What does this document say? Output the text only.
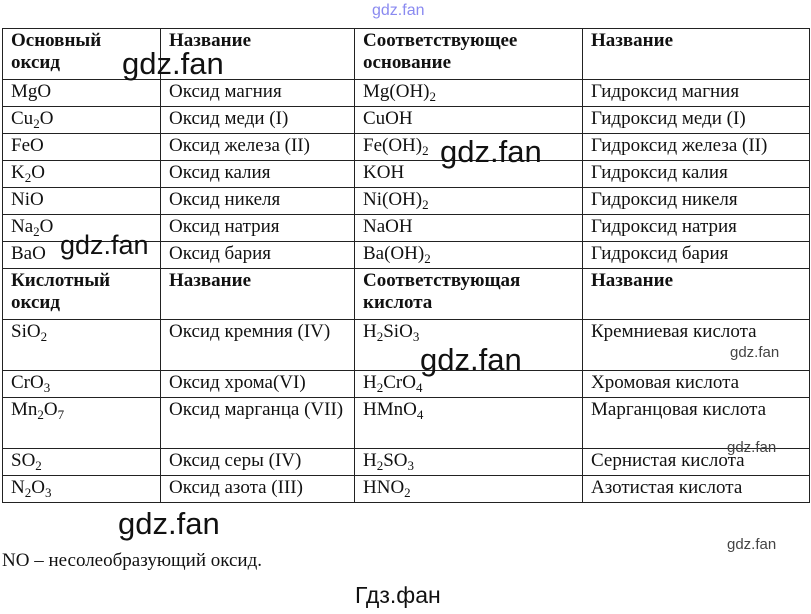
Основный оксид	Название	Соответствующее основание	Название
MgO	Оксид магния	$Mg(OH)_2$	Гидроксид магния
$Cu_2O$	Оксид меди (I)	CuOH	Гидроксид меди (I)
FeO	Оксид железа (II)	$Fe(OH)_2$	Гидроксид железа (II)
$K_2O$	Оксид калия	KOH	Гидроксид калия
NiO	Оксид никеля	$Ni(OH)_2$	Гидроксид никеля
$Na_2O$	Оксид натрия	NaOH	Гидроксид натрия
BaO	Оксид бария	$Ba(OH)_2$	Гидроксид бария
Кислотный оксид	Название	Соответствующая кислота	Название
SiO$_2$	Оксид кремния (IV)	$H_2SiO_3$	Кремниевая кислота
CrO$_3$	Оксид хрома(VI)	$H_2CrO_4$	Хромовая кислота
$Mn_2O_7$	Оксид марганца (VII)	HMnO$_4$	Марганцовая кислота
$SO_2$	Оксид серы (IV)	$H_2SO_3$	Сернистая кислота
$N_2O_3$	Оксид азота (III)	$HNO_2$	Азотистая кислота
NO – несолеобразующий оксид.
gdz.fan
gdz.fan
gdz.fan
gdz.fan
gdz.fan
gdz.fan
gdz.fan
gdz.fan
gdz.fan
Гдз.фан
